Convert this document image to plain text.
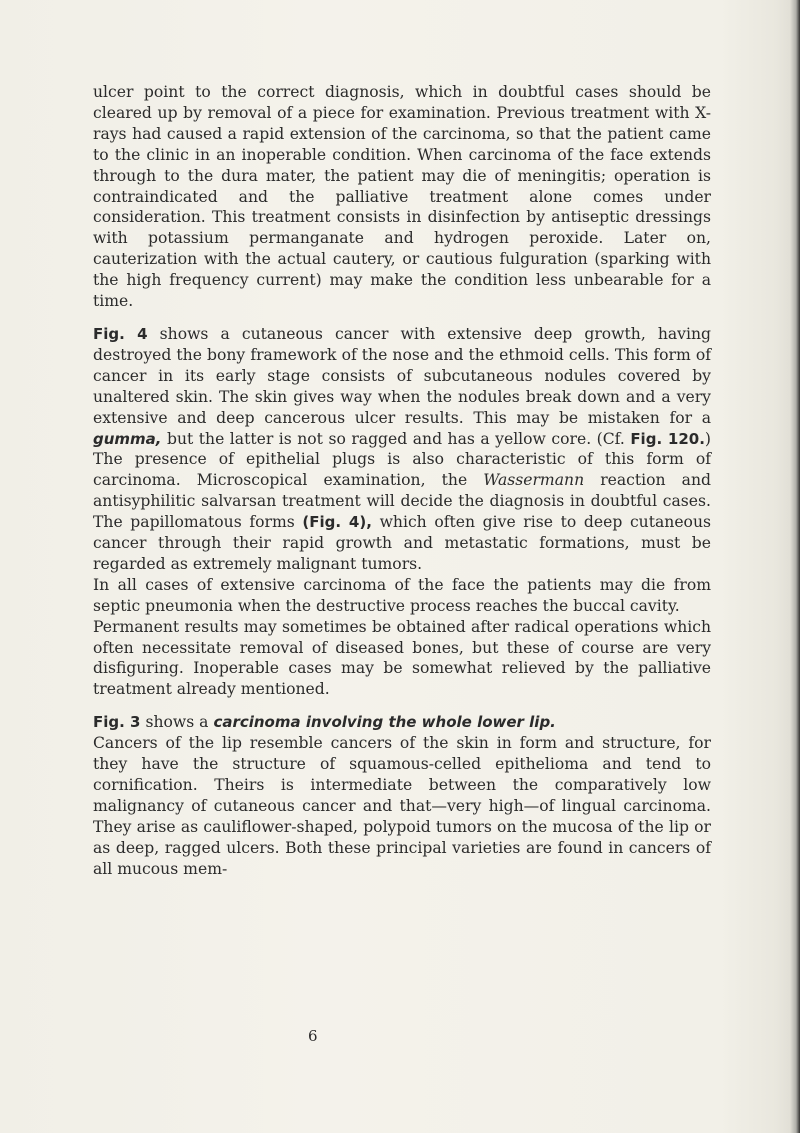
ulcer point to the correct diagnosis, which in doubtful cases should be cleared up by removal of a piece for examination. Previous treatment with X-rays had caused a rapid extension of the carcinoma, so that the patient came to the clinic in an inoperable condition. When carcinoma of the face extends through to the dura mater, the patient may die of meningitis; operation is contraindicated and the palliative treatment alone comes under consideration. This treatment consists in disinfection by antiseptic dressings with potassium permanganate and hydrogen peroxide. Later on, cauterization with the actual cautery, or cautious fulguration (sparking with the high frequency current) may make the condition less unbearable for a time.

Fig. 4 shows a cutaneous cancer with extensive deep growth, having destroyed the bony framework of the nose and the ethmoid cells. This form of cancer in its early stage consists of subcutaneous nodules covered by unaltered skin. The skin gives way when the nodules break down and a very extensive and deep cancerous ulcer results. This may be mistaken for a gumma, but the latter is not so ragged and has a yellow core. (Cf. Fig. 120.) The presence of epithelial plugs is also characteristic of this form of carcinoma. Microscopical examination, the Wassermann reaction and antisyphilitic salvarsan treatment will decide the diagnosis in doubtful cases. The papillomatous forms (Fig. 4), which often give rise to deep cutaneous cancer through their rapid growth and metastatic formations, must be regarded as extremely malignant tumors.

In all cases of extensive carcinoma of the face the patients may die from septic pneumonia when the destructive process reaches the buccal cavity.

Permanent results may sometimes be obtained after radical operations which often necessitate removal of diseased bones, but these of course are very disfiguring. Inoperable cases may be somewhat relieved by the palliative treatment already mentioned.

Fig. 3 shows a carcinoma involving the whole lower lip.

Cancers of the lip resemble cancers of the skin in form and structure, for they have the structure of squamous-celled epithelioma and tend to cornification. Theirs is intermediate between the comparatively low malignancy of cutaneous cancer and that—very high—of lingual carcinoma. They arise as cauliflower-shaped, polypoid tumors on the mucosa of the lip or as deep, ragged ulcers. Both these principal varieties are found in cancers of all mucous mem-

6
